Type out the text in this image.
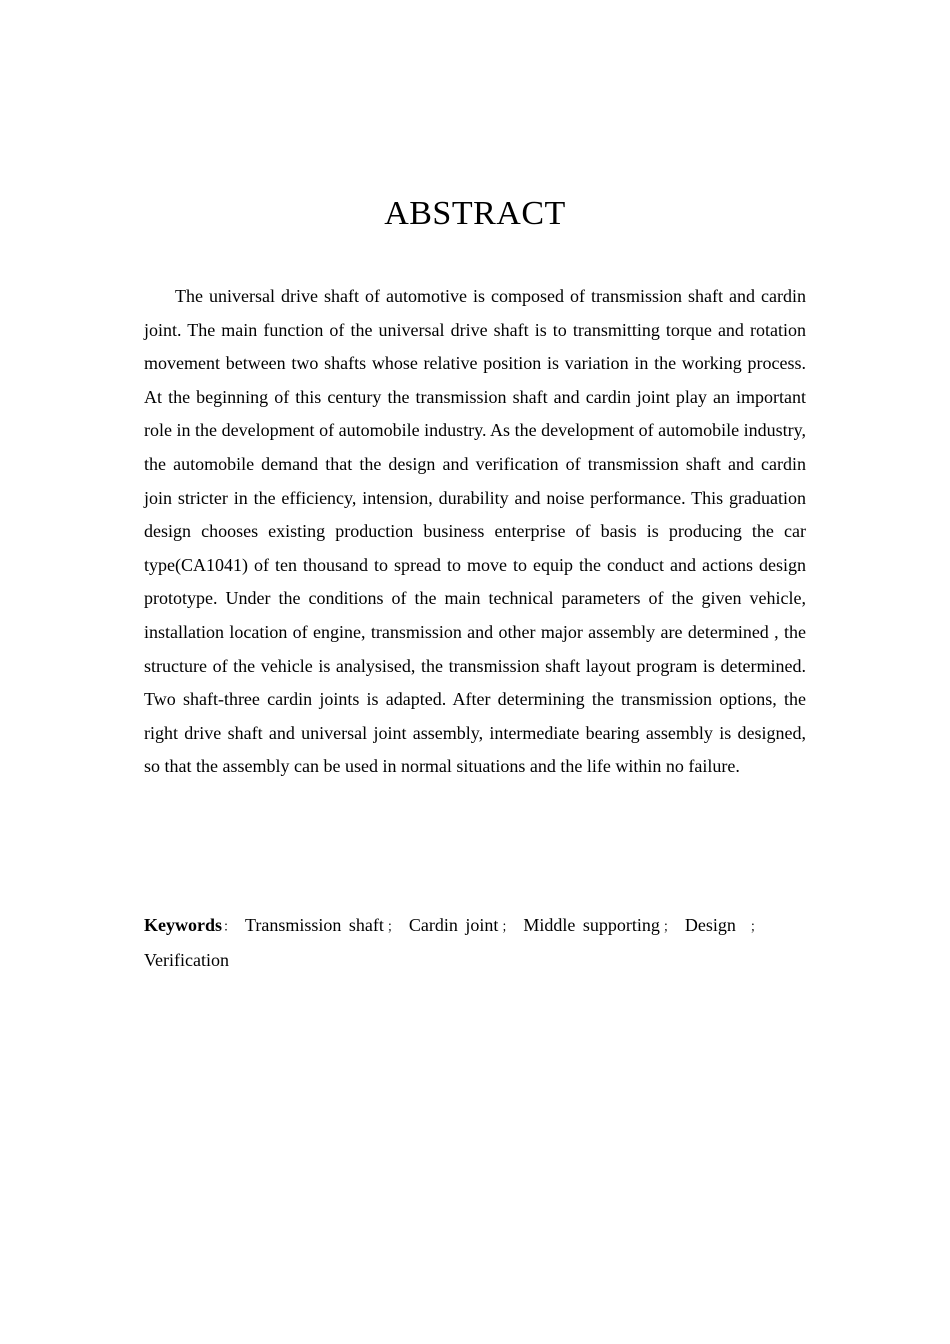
ABSTRACT

The universal drive shaft of automotive is composed of transmission shaft and cardin joint. The main function of the universal drive shaft is to transmitting torque and rotation movement between two shafts whose relative position is variation in the working process. At the beginning of this century the transmission shaft and cardin joint play an important role in the development of automobile industry. As the development of automobile industry, the automobile demand that the design and verification of transmission shaft and cardin join stricter in the efficiency, intension, durability and noise performance. This graduation design chooses existing production business enterprise of basis is producing the car type(CA1041) of ten thousand to spread to move to equip the conduct and actions design prototype. Under the conditions of the main technical parameters of the given vehicle, installation location of engine, transmission and other major assembly are determined , the structure of the vehicle is analysised, the transmission shaft layout program is determined. Two shaft-three cardin joints is adapted. After determining the transmission options, the right drive shaft and universal joint assembly, intermediate bearing assembly is designed, so that the assembly can be used in normal situations and the life within no failure.

Keywords： Transmission shaft ； Cardin joint ； Middle supporting ； Design ；
Verification
